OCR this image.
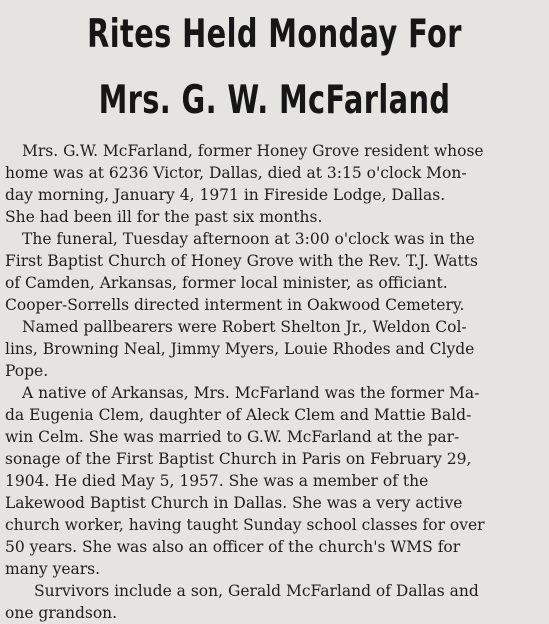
Rites Held Monday For
Mrs. G. W. McFarland
Mrs. G.W. McFarland, former Honey Grove resident whose
home was at 6236 Victor, Dallas, died at 3:15 o'clock Mon-
day morning, January 4, 1971 in Fireside Lodge, Dallas.
She had been ill for the past six months.
The funeral, Tuesday afternoon at 3:00 o'clock was in the
First Baptist Church of Honey Grove with the Rev. T.J. Watts
of Camden, Arkansas, former local minister, as officiant.
Cooper-Sorrells directed interment in Oakwood Cemetery.
Named pallbearers were Robert Shelton Jr., Weldon Col-
lins, Browning Neal, Jimmy Myers, Louie Rhodes and Clyde
Pope.
A native of Arkansas, Mrs. McFarland was the former Ma-
da Eugenia Clem, daughter of Aleck Clem and Mattie Bald-
win Celm. She was married to G.W. McFarland at the par-
sonage of the First Baptist Church in Paris on February 29,
1904. He died May 5, 1957. She was a member of the
Lakewood Baptist Church in Dallas. She was a very active
church worker, having taught Sunday school classes for over
50 years. She was also an officer of the church's WMS for
many years.
Survivors include a son, Gerald McFarland of Dallas and
one grandson.
